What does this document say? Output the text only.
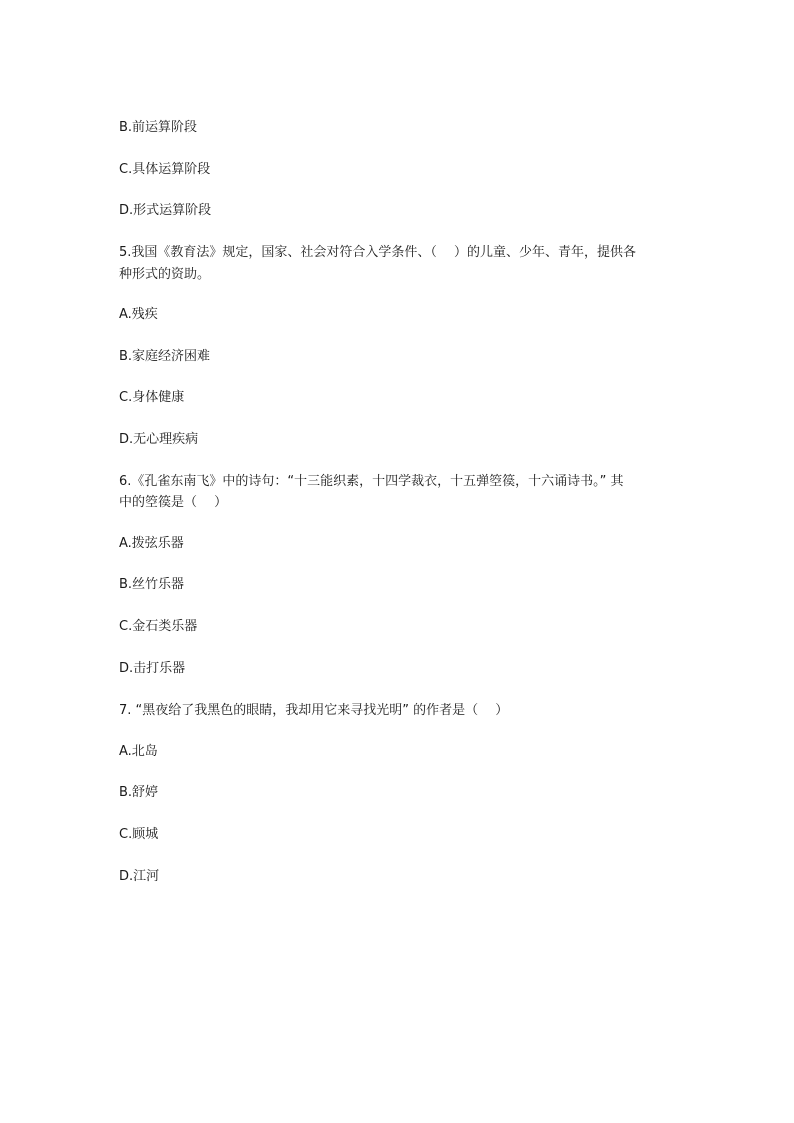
B.前运算阶段
C.具体运算阶段
D.形式运算阶段
5.我国《教育法》规定，国家、社会对符合入学条件、（　 ）的儿童、少年、青年，提供各
种形式的资助。
A.残疾
B.家庭经济困难
C.身体健康
D.无心理疾病
6.《孔雀东南飞》中的诗句：“十三能织素，十四学裁衣，十五弹箜篌，十六诵诗书。” 其
中的箜篌是（　 ）
A.拨弦乐器
B.丝竹乐器
C.金石类乐器
D.击打乐器
7. “黑夜给了我黑色的眼睛，我却用它来寻找光明” 的作者是（　 ）
A.北岛
B.舒婷
C.顾城
D.江河
